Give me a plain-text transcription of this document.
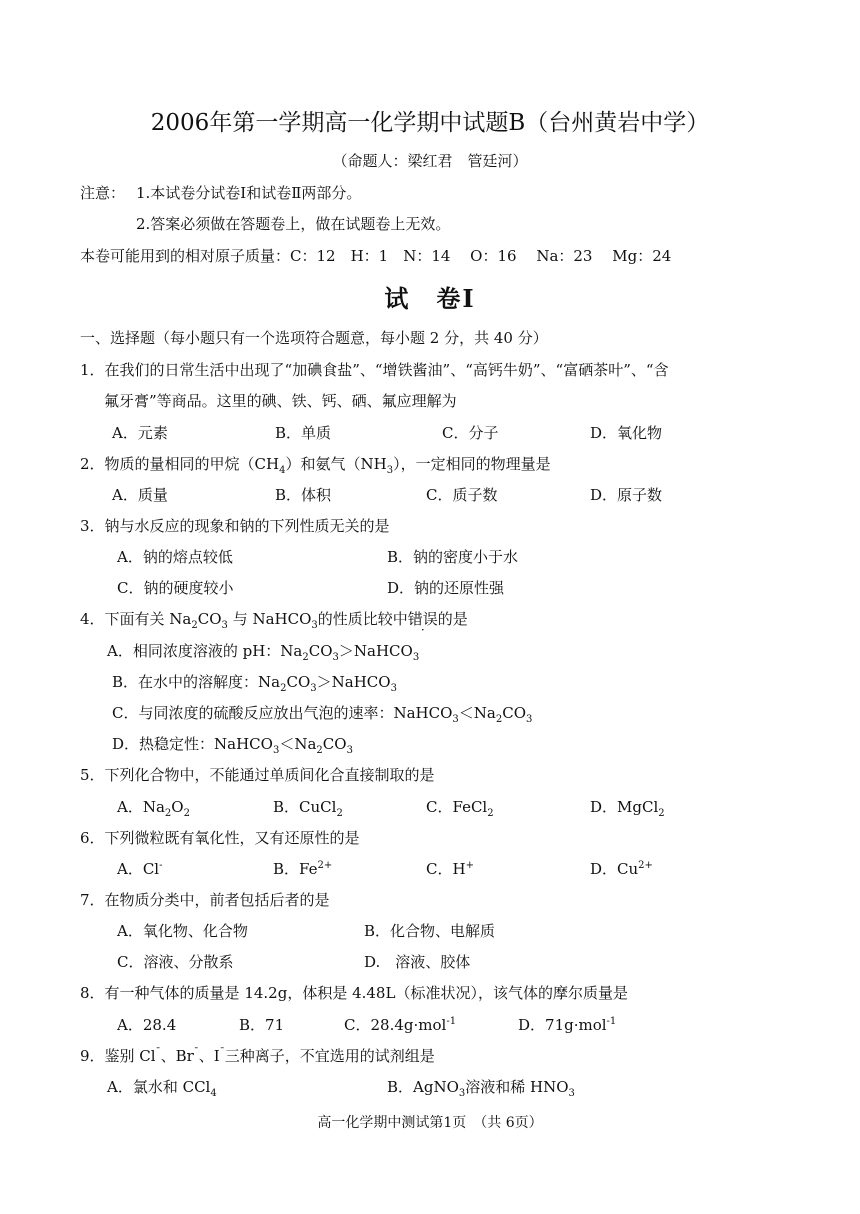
2006年第一学期高一化学期中试题B（台州黄岩中学）
（命题人：梁红君　管廷河）
注意： 1.本试卷分试卷Ⅰ和试卷Ⅱ两部分。
2.答案必须做在答题卷上，做在试题卷上无效。
本卷可能用到的相对原子质量：C：12　H：1　N：14　 O：16　 Na：23　 Mg：24
试　卷Ⅰ
一、选择题（每小题只有一个选项符合题意，每小题 2 分，共 40 分）
1．在我们的日常生活中出现了“加碘食盐”、“增铁酱油”、“高钙牛奶”、“富硒茶叶”、“含
氟牙膏”等商品。这里的碘、铁、钙、硒、氟应理解为
A．元素	B．单质	C．分子	D．氧化物
2．物质的量相同的甲烷$(CH_4)$和氨气$(NH_3)$，一定相同的物理量是
A．质量	B．体积	C．质子数	D．原子数
3．钠与水反应的现象和钠的下列性质无关的是
A．钠的熔点较低	B．钠的密度小于水
C．钠的硬度较小	D．钠的还原性强
4．下面有关 $Na_2CO_3$ 与 NaHCO$_3$的性质比较中错误的是
A．相同浓度溶液的 pH：$Na_2CO_3>NaHCO_3$
B．在水中的溶解度：$Na_2CO_3>NaHCO_3$
C．与同浓度的硫酸反应放出气泡的速率：$NaHCO_3<Na_2CO_3$
D．热稳定性：$NaHCO_3<Na_2CO_3$
5．下列化合物中，不能通过单质间化合直接制取的是
A．$Na_2O_2$	B．CuCl$_2$	C．FeCl$_2$	D．MgCl$_2$
6．下列微粒既有氧化性，又有还原性的是
A．Cl-	B．$Fe^{2+}$	C．H+	D．$Cu^{2+}$
7．在物质分类中，前者包括后者的是
A．氧化物、化合物	B．化合物、电解质
C．溶液、分散系	D.　溶液、胶体
8．有一种气体的质量是 14.2g，体积是 4.48L（标准状况），该气体的摩尔质量是
A．28.4	B．71	C．28.4g·mol$^{-1}$	D．71g·mol$^{-1}$
9．鉴别 Cl¯、Br¯、I¯三种离子，不宜选用的试剂组是
A．氯水和 CCl$_4$	B．AgNO$_3$溶液和稀 $HNO_3$
高一化学期中测试第1页　（共 6页）
